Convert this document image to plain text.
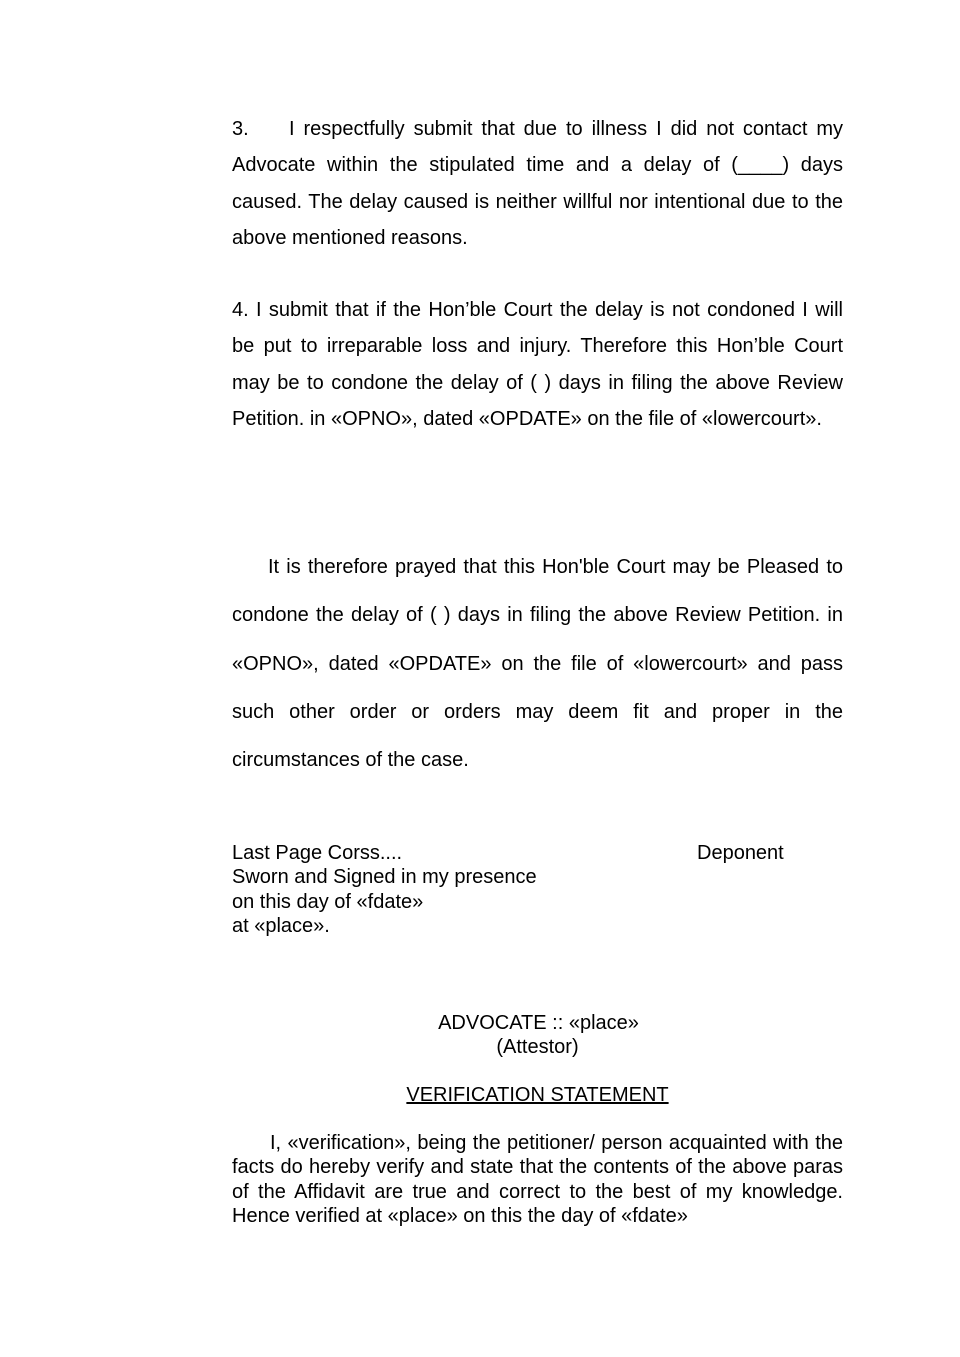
3. I respectfully submit that due to illness I did not contact my Advocate within the stipulated time and a delay of (____) days caused. The delay caused is neither willful nor intentional due to the above mentioned reasons.

4. I submit that if the Hon’ble Court the delay is not condoned I will be put to irreparable loss and injury. Therefore this Hon’ble Court may be to condone the delay of ( ) days in filing the above Review Petition. in «OPNO», dated «OPDATE» on the file of «lowercourt».

It is therefore prayed that this Hon'ble Court may be Pleased to condone the delay of ( ) days in filing the above Review Petition. in «OPNO», dated «OPDATE» on the file of «lowercourt» and pass such other order or orders may deem fit and proper in the circumstances of the case.

Last Page Corss....
Sworn and Signed in my presence
on this day of «fdate»
at «place».
Deponent
ADVOCATE :: «place»
(Attestor)
VERIFICATION STATEMENT

I, «verification», being the petitioner/ person acquainted with the facts do hereby verify and state that the contents of the above paras of the Affidavit are true and correct to the best of my knowledge. Hence verified at «place» on this the day of «fdate»
